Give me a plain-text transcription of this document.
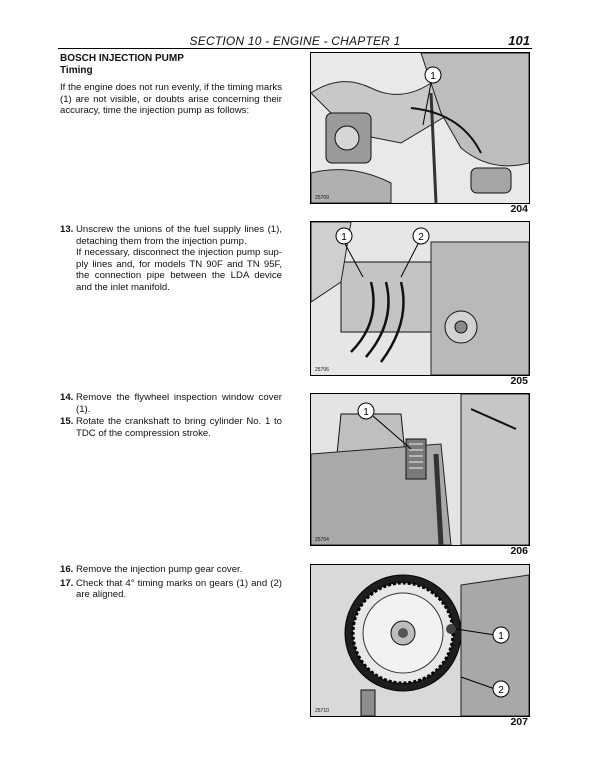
SECTION 10 - ENGINE - CHAPTER 1	101
BOSCH INJECTION PUMP
Timing

If the engine does not run evenly, if the timing marks (1) are not visible, or doubts arise concerning their accuracy, time the injection pump as follows:

13. Unscrew the unions of the fuel supply lines (1), detaching them from the injection pump.
If necessary, disconnect the injection pump sup-ply lines and, for models TN 90F and TN 95F, the connection pipe between the LDA device and the inlet manifold.
14. Remove the flywheel inspection window cover (1).
15. Rotate the crankshaft to bring cylinder No. 1 to TDC of the compression stroke.
16. Remove the injection pump gear cover.
17. Check that 4° timing marks on gears (1) and (2) are aligned.
1
25709
204
1	2
25706
205
1
25704
206
1
2
25710
207
